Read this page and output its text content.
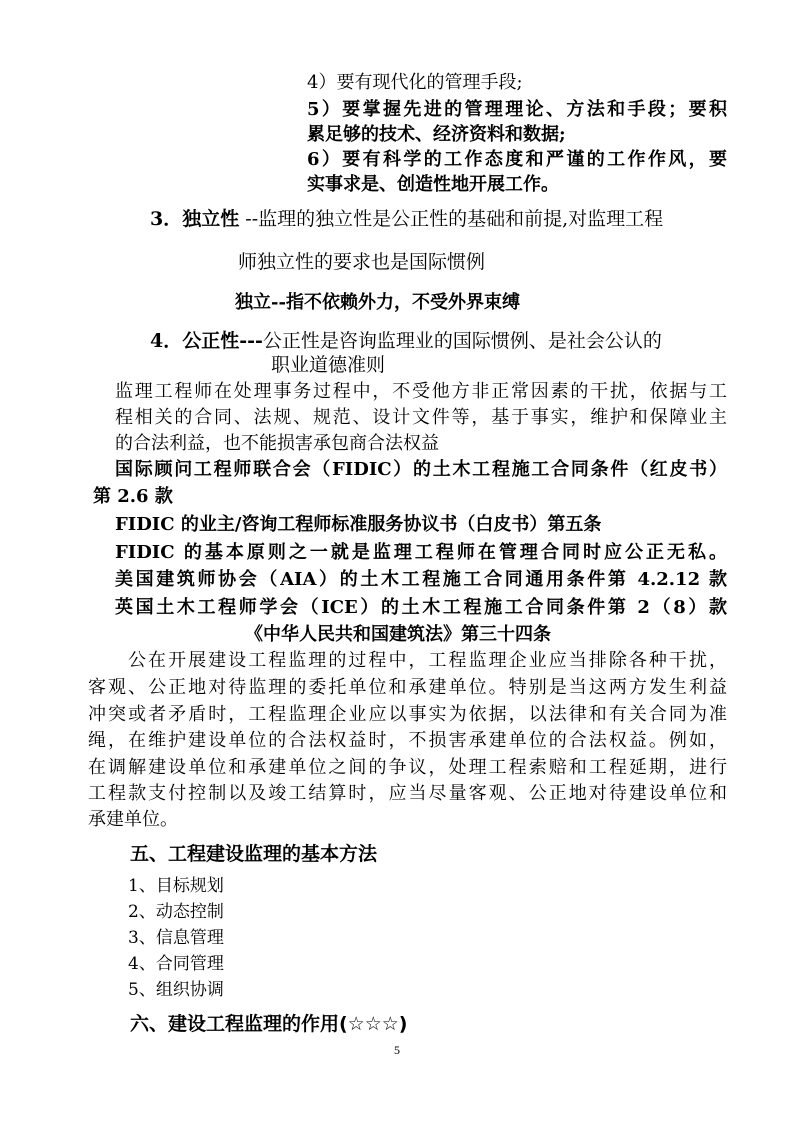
4）要有现代化的管理手段;
5）要掌握先进的管理理论、方法和手段；要积
累足够的技术、经济资料和数据;
6）要有科学的工作态度和严谨的工作作风，要
实事求是、创造性地开展工作。
3．独立性 --监理的独立性是公正性的基础和前提,对监理工程
师独立性的要求也是国际惯例
独立--指不依赖外力，不受外界束缚
4．公正性---公正性是咨询监理业的国际惯例、是社会公认的
职业道德准则
监理工程师在处理事务过程中，不受他方非正常因素的干扰，依据与工
程相关的合同、法规、规范、设计文件等，基于事实，维护和保障业主
的合法利益，也不能损害承包商合法权益
国际顾问工程师联合会（FIDIC）的土木工程施工合同条件（红皮书）
第 2.6 款
FIDIC 的业主/咨询工程师标准服务协议书（白皮书）第五条
FIDIC 的基本原则之一就是监理工程师在管理合同时应公正无私。
美国建筑师协会（AIA）的土木工程施工合同通用条件第 4.2.12 款
英国土木工程师学会（ICE）的土木工程施工合同条件第 2（8）款
《中华人民共和国建筑法》第三十四条
公在开展建设工程监理的过程中，工程监理企业应当排除各种干扰，
客观、公正地对待监理的委托单位和承建单位。特别是当这两方发生利益
冲突或者矛盾时，工程监理企业应以事实为依据，以法律和有关合同为准
绳，在维护建设单位的合法权益时，不损害承建单位的合法权益。例如，
在调解建设单位和承建单位之间的争议，处理工程索赔和工程延期，进行
工程款支付控制以及竣工结算时，应当尽量客观、公正地对待建设单位和
承建单位。
五、工程建设监理的基本方法
1、目标规划
2、动态控制
3、信息管理
4、合同管理
5、组织协调
六、建设工程监理的作用(☆☆☆)
5
